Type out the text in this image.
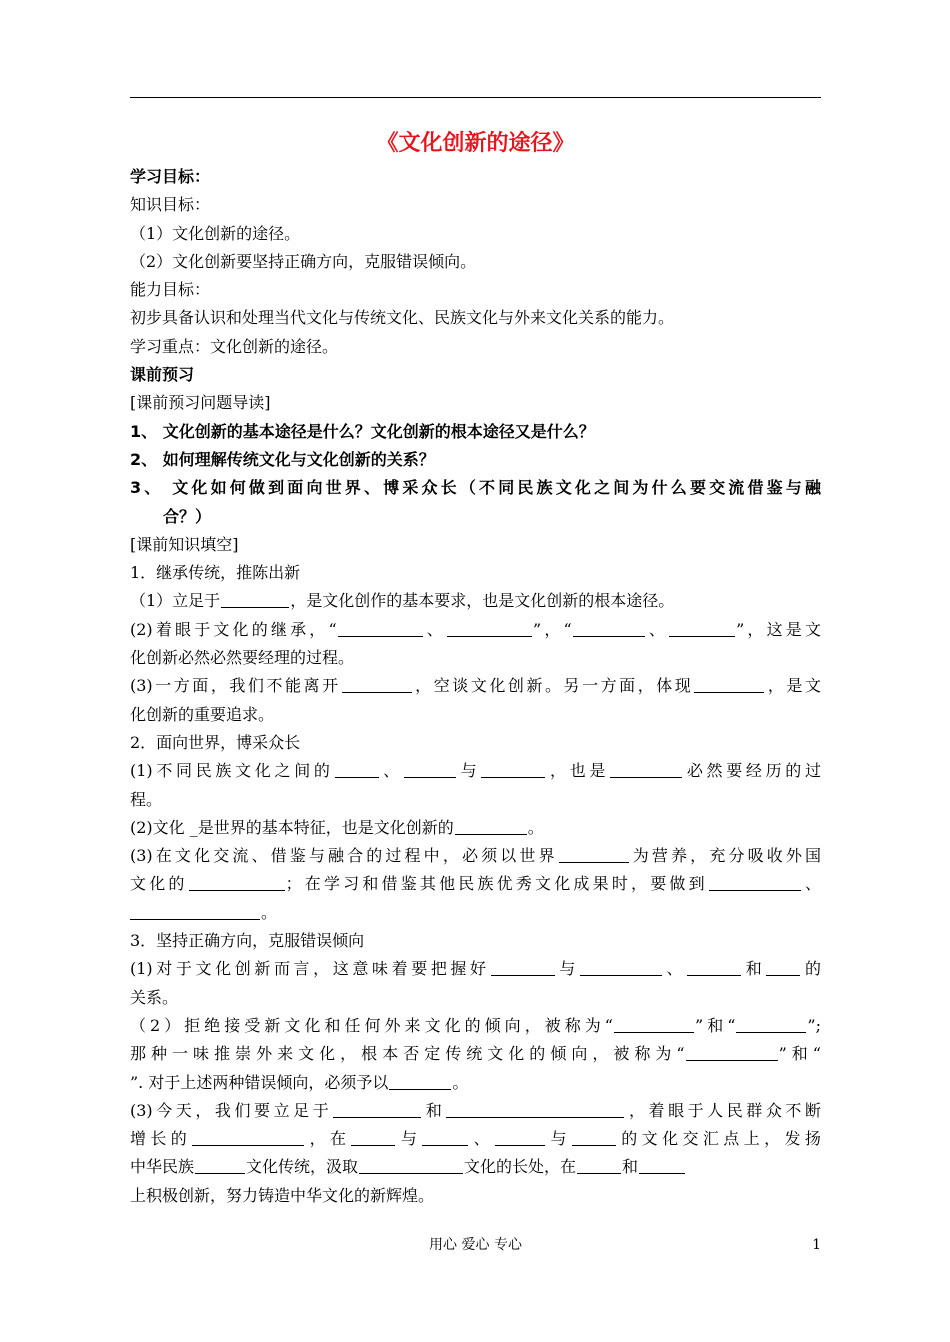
《文化创新的途径》
学习目标：
知识目标：
（1）文化创新的途径。
（2）文化创新要坚持正确方向，克服错误倾向。
能力目标：
初步具备认识和处理当代文化与传统文化、民族文化与外来文化关系的能力。
学习重点：文化创新的途径。
课前预习
[课前预习问题导读]
1、 文化创新的基本途径是什么？文化创新的根本途径又是什么？
2、 如何理解传统文化与文化创新的关系？
3、 文化如何做到面向世界、博采众长（不同民族文化之间为什么要交流借鉴与融
合？）
[课前知识填空]
1．继承传统，推陈出新
（1）立足于	，是文化创作的基本要求，也是文化创新的根本途径。
(2)着眼于文化的继承，“	、	”，“	、	”，这是文
化创新必然必然要经理的过程。
(3)一方面，我们不能离开	，空谈文化创新。另一方面，体现	，是文
化创新的重要追求。
2．面向世界，博采众长
(1)不同民族文化之间的	、	与	，也是	必然要经历的过
程。
(2)文化 _是世界的基本特征，也是文化创新的	。
(3)在文化交流、借鉴与融合的过程中，必须以世界	为营养，充分吸收外国
文化的	；在学习和借鉴其他民族优秀文化成果时，要做到	、
。
3．坚持正确方向，克服错误倾向
(1)对于文化创新而言，这意味着要把握好	与	、	和 的
关系。
（2）拒绝接受新文化和任何外来文化的倾向，被称为“	”和“	”;
那种一味推崇外来文化，根本否定传统文化的倾向，被称为“	”和“
”. 对于上述两种错误倾向，必须予以	。
(3)今天，我们要立足于	和	，着眼于人民群众不断
增长的	，在	与	、	与	的文化交汇点上，发扬
中华民族	文化传统，汲取	文化的长处，在	和
上积极创新，努力铸造中华文化的新辉煌。
用心 爱心 专心	1
